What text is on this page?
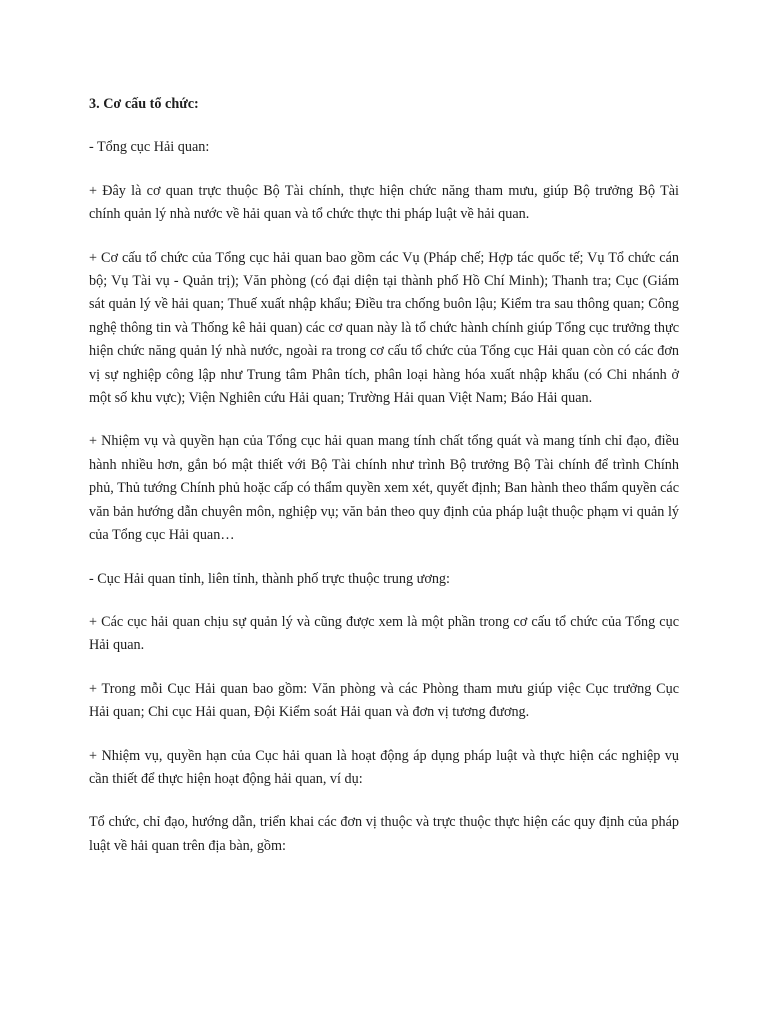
3. Cơ cấu tổ chức:
- Tổng cục Hải quan:
+ Đây là cơ quan trực thuộc Bộ Tài chính, thực hiện chức năng tham mưu, giúp Bộ trưởng Bộ Tài chính quản lý nhà nước về hải quan và tổ chức thực thi pháp luật về hải quan.
+ Cơ cấu tổ chức của Tổng cục hải quan bao gồm các Vụ (Pháp chế; Hợp tác quốc tế; Vụ Tổ chức cán bộ; Vụ Tài vụ - Quản trị); Văn phòng (có đại diện tại thành phố Hồ Chí Minh); Thanh tra; Cục (Giám sát quản lý về hải quan; Thuế xuất nhập khẩu; Điều tra chống buôn lậu; Kiểm tra sau thông quan; Công nghệ thông tin và Thống kê hải quan) các cơ quan này là tổ chức hành chính giúp Tổng cục trưởng thực hiện chức năng quản lý nhà nước, ngoài ra trong cơ cấu tổ chức của Tổng cục Hải quan còn có các đơn vị sự nghiệp công lập như Trung tâm Phân tích, phân loại hàng hóa xuất nhập khẩu (có Chi nhánh ở một số khu vực); Viện Nghiên cứu Hải quan; Trường Hải quan Việt Nam; Báo Hải quan.
+ Nhiệm vụ và quyền hạn của Tổng cục hải quan mang tính chất tổng quát và mang tính chỉ đạo, điều hành nhiều hơn, gắn bó mật thiết với Bộ Tài chính như trình Bộ trưởng Bộ Tài chính để trình Chính phủ, Thủ tướng Chính phủ hoặc cấp có thẩm quyền xem xét, quyết định; Ban hành theo thẩm quyền các văn bản hướng dẫn chuyên môn, nghiệp vụ; văn bản theo quy định của pháp luật thuộc phạm vi quản lý của Tổng cục Hải quan…
- Cục Hải quan tỉnh, liên tỉnh, thành phố trực thuộc trung ương:
+ Các cục hải quan chịu sự quản lý và cũng được xem là một phần trong cơ cấu tổ chức của Tổng cục Hải quan.
+ Trong mỗi Cục Hải quan bao gồm: Văn phòng và các Phòng tham mưu giúp việc Cục trưởng Cục Hải quan; Chi cục Hải quan, Đội Kiểm soát Hải quan và đơn vị tương đương.
+ Nhiệm vụ, quyền hạn của Cục hải quan là hoạt động áp dụng pháp luật và thực hiện các nghiệp vụ cần thiết để thực hiện hoạt động hải quan, ví dụ:
Tổ chức, chỉ đạo, hướng dẫn, triển khai các đơn vị thuộc và trực thuộc thực hiện các quy định của pháp luật về hải quan trên địa bàn, gồm:
